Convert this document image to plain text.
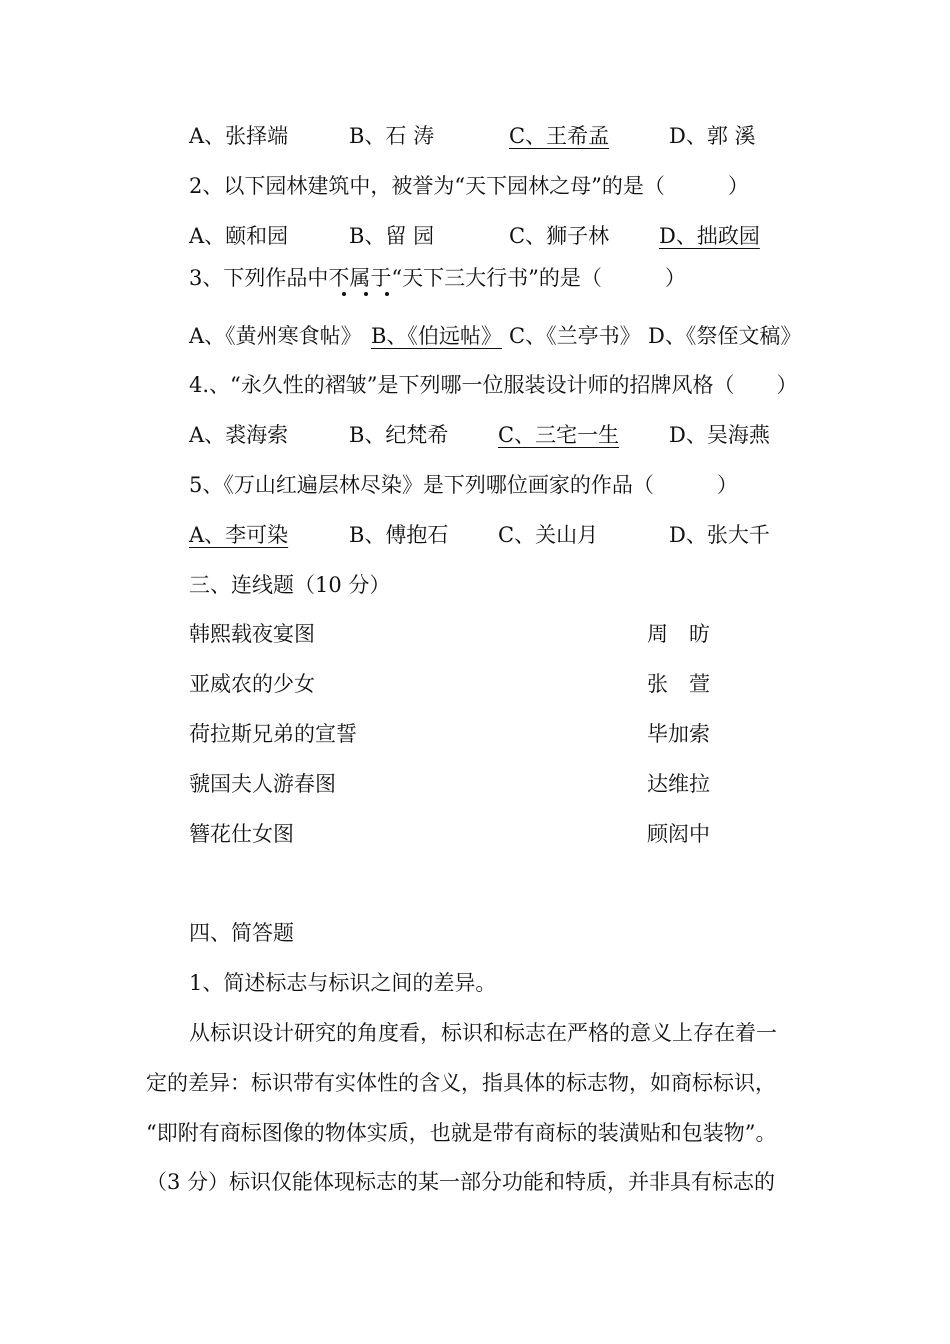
A、张择端	B、石 涛	C、王希孟	D、郭 溪
2、以下园林建筑中，被誉为“天下园林之母”的是（　　　）
A、颐和园	B、留 园	C、狮子林 D、拙政园
3、下列作品中不属于“天下三大行书”的是（　　　）
A、《黄州寒食帖》 B、《伯远帖》 C、《兰亭书》 D、《祭侄文稿》
4.、“永久性的褶皱”是下列哪一位服装设计师的招牌风格（　　）
A、裘海索	B、纪梵希 C、三宅一生 D、吴海燕
5、《万山红遍层林尽染》是下列哪位画家的作品（　　　）
A、李可染	B、傅抱石 C、关山月	D、张大千
三、连线题（10 分）
韩熙载夜宴图	周　昉
亚威农的少女	张　萱
荷拉斯兄弟的宣誓	毕加索
虢国夫人游春图	达维拉
簪花仕女图	顾闳中
四、简答题
1、简述标志与标识之间的差异。
从标识设计研究的角度看，标识和标志在严格的意义上存在着一
定的差异：标识带有实体性的含义，指具体的标志物，如商标标识，
“即附有商标图像的物体实质，也就是带有商标的装潢贴和包装物”。
（3 分）标识仅能体现标志的某一部分功能和特质，并非具有标志的
